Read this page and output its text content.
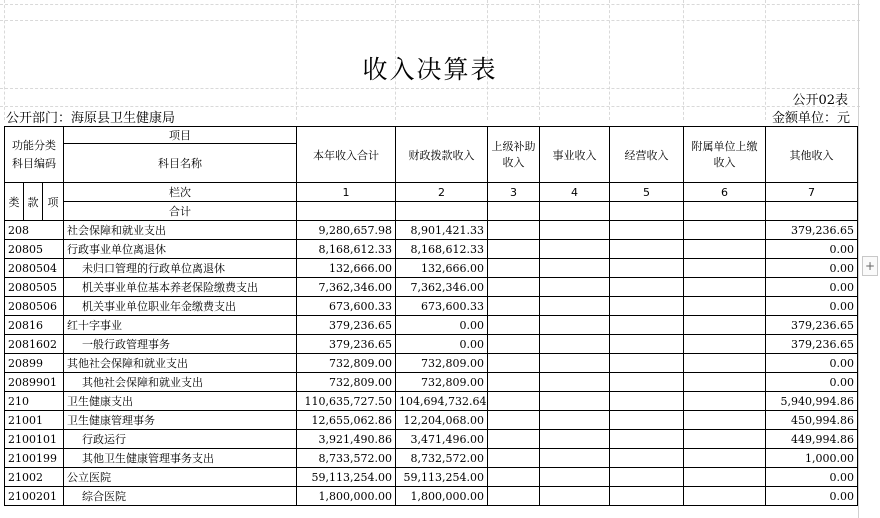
收入决算表
公开02表
公开部门：海原县卫生健康局	金额单位：元
功能分类科目编码			项目	本年收入合计	财政拨款收入	上级补助收入	事业收入	经营收入	附属单位上缴收入	其他收入
			科目名称							

类	款	项	栏次	1	2	3	4	5	6	7
			合计							
208			社会保障和就业支出	9,280,657.98	8,901,421.33					379,236.65
20805			行政事业单位离退休	8,168,612.33	8,168,612.33					0.00
2080504			未归口管理的行政单位离退休	132,666.00	132,666.00					0.00
2080505			机关事业单位基本养老保险缴费支出	7,362,346.00	7,362,346.00					0.00
2080506			机关事业单位职业年金缴费支出	673,600.33	673,600.33					0.00
20816			红十字事业	379,236.65	0.00					379,236.65
2081602			一般行政管理事务	379,236.65	0.00					379,236.65
20899			其他社会保障和就业支出	732,809.00	732,809.00					0.00
2089901			其他社会保障和就业支出	732,809.00	732,809.00					0.00
210			卫生健康支出	110,635,727.50	104,694,732.64					5,940,994.86
21001			卫生健康管理事务	12,655,062.86	12,204,068.00					450,994.86
2100101			行政运行	3,921,490.86	3,471,496.00					449,994.86
2100199			其他卫生健康管理事务支出	8,733,572.00	8,732,572.00					1,000.00
21002			公立医院	59,113,254.00	59,113,254.00					0.00
2100201			综合医院	1,800,000.00	1,800,000.00					0.00
+
